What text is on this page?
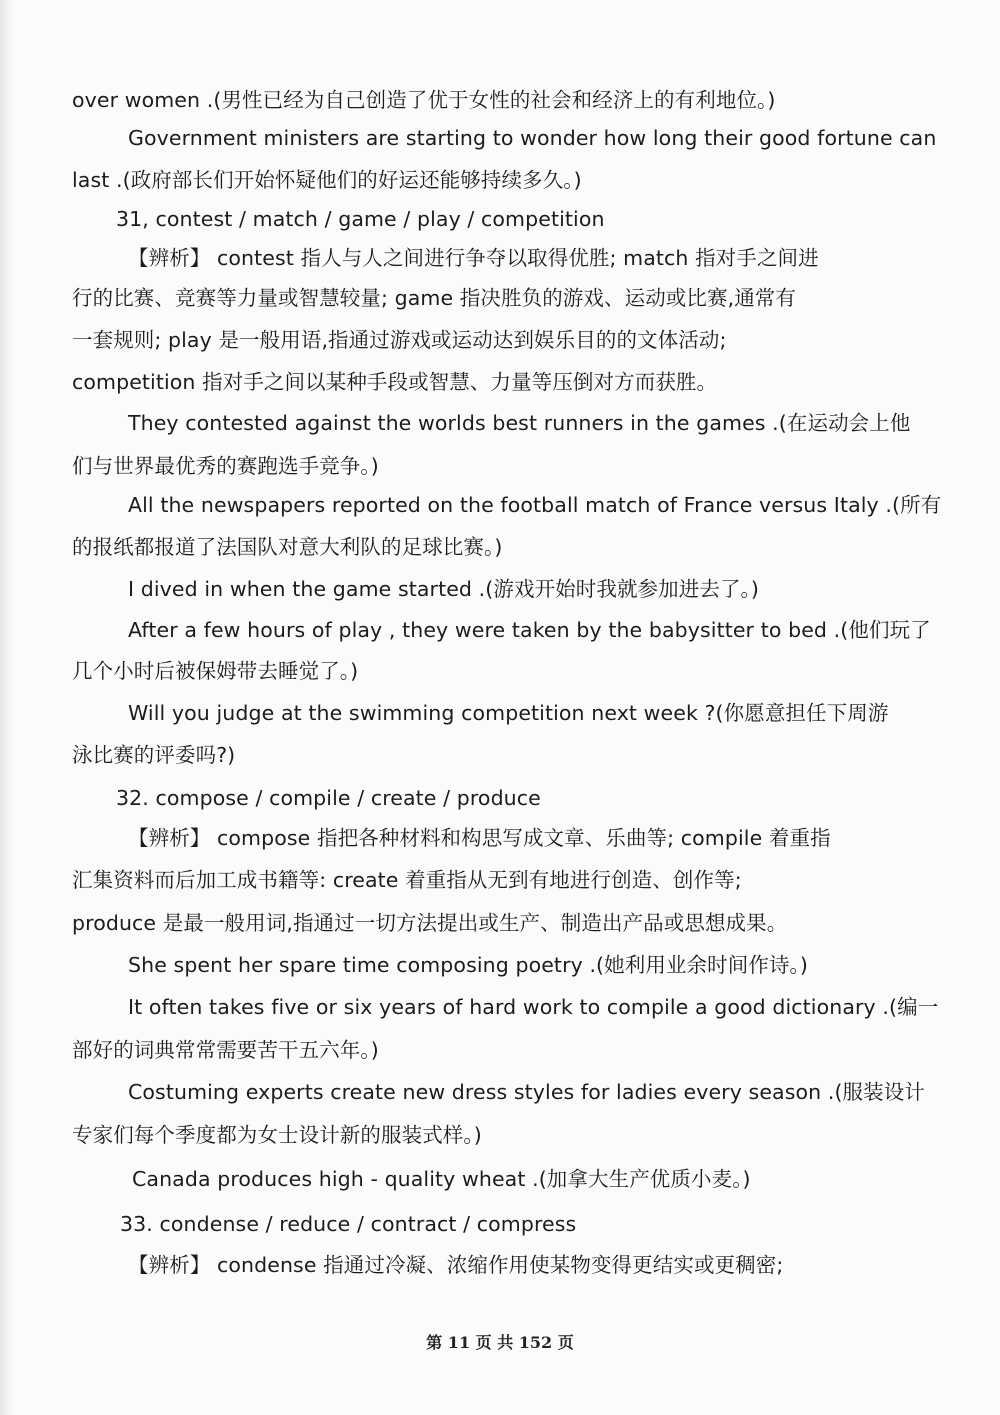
over women .(男性已经为自己创造了优于女性的社会和经济上的有利地位。)
Government ministers are starting to wonder how long their good fortune can
last .(政府部长们开始怀疑他们的好运还能够持续多久。)
31, contest / match / game / play / competition
【辨析】 contest 指人与人之间进行争夺以取得优胜; match 指对手之间进
行的比赛、竞赛等力量或智慧较量; game 指决胜负的游戏、运动或比赛,通常有
一套规则; play 是一般用语,指通过游戏或运动达到娱乐目的的文体活动;
competition 指对手之间以某种手段或智慧、力量等压倒对方而获胜。
They contested against the worlds best runners in the games .(在运动会上他
们与世界最优秀的赛跑选手竞争。)
All the newspapers reported on the football match of France versus Italy .(所有
的报纸都报道了法国队对意大利队的足球比赛。)
I dived in when the game started .(游戏开始时我就参加进去了。)
After a few hours of play , they were taken by the babysitter to bed .(他们玩了
几个小时后被保姆带去睡觉了。)
Will you judge at the swimming competition next week ?(你愿意担任下周游
泳比赛的评委吗?)
32. compose / compile / create / produce
【辨析】 compose 指把各种材料和构思写成文章、乐曲等; compile 着重指
汇集资料而后加工成书籍等: create 着重指从无到有地进行创造、创作等;
produce 是最一般用词,指通过一切方法提出或生产、制造出产品或思想成果。
She spent her spare time composing poetry .(她利用业余时间作诗。)
It often takes five or six years of hard work to compile a good dictionary .(编一
部好的词典常常需要苦干五六年。)
Costuming experts create new dress styles for ladies every season .(服装设计
专家们每个季度都为女士设计新的服装式样。)
Canada produces high - quality wheat .(加拿大生产优质小麦。)
33. condense / reduce / contract / compress
【辨析】 condense 指通过冷凝、浓缩作用使某物变得更结实或更稠密;
第 11 页 共 152 页
